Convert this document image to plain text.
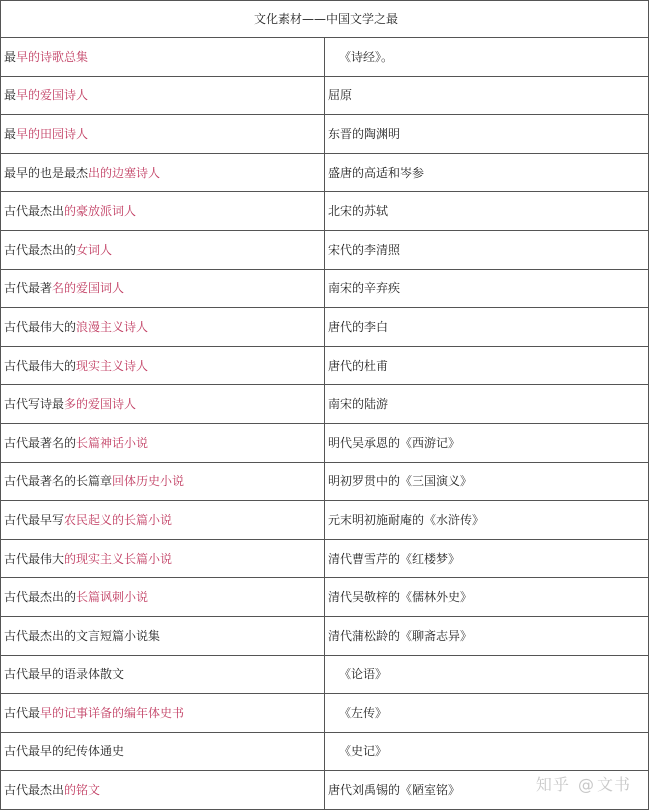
文化素材——中国文学之最	
最早的诗歌总集	《诗经》。
最早的爱国诗人	屈原
最早的田园诗人	东晋的陶渊明
最早的也是最杰出的边塞诗人	盛唐的高适和岑参
古代最杰出的豪放派词人	北宋的苏轼
古代最杰出的女词人	宋代的李清照
古代最著名的爱国词人	南宋的辛弃疾
古代最伟大的浪漫主义诗人	唐代的李白
古代最伟大的现实主义诗人	唐代的杜甫
古代写诗最多的爱国诗人	南宋的陆游
古代最著名的长篇神话小说	明代吴承恩的《西游记》
古代最著名的长篇章回体历史小说	明初罗贯中的《三国演义》
古代最早写农民起义的长篇小说	元末明初施耐庵的《水浒传》
古代最伟大的现实主义长篇小说	清代曹雪芹的《红楼梦》
古代最杰出的长篇讽刺小说	清代吴敬梓的《儒林外史》
古代最杰出的文言短篇小说集	清代蒲松龄的《聊斋志异》
古代最早的语录体散文	《论语》
古代最早的记事详备的编年体史书	《左传》
古代最早的纪传体通史	《史记》
古代最杰出的铭文	唐代刘禹锡的《陋室铭》	知乎 @ 文书
